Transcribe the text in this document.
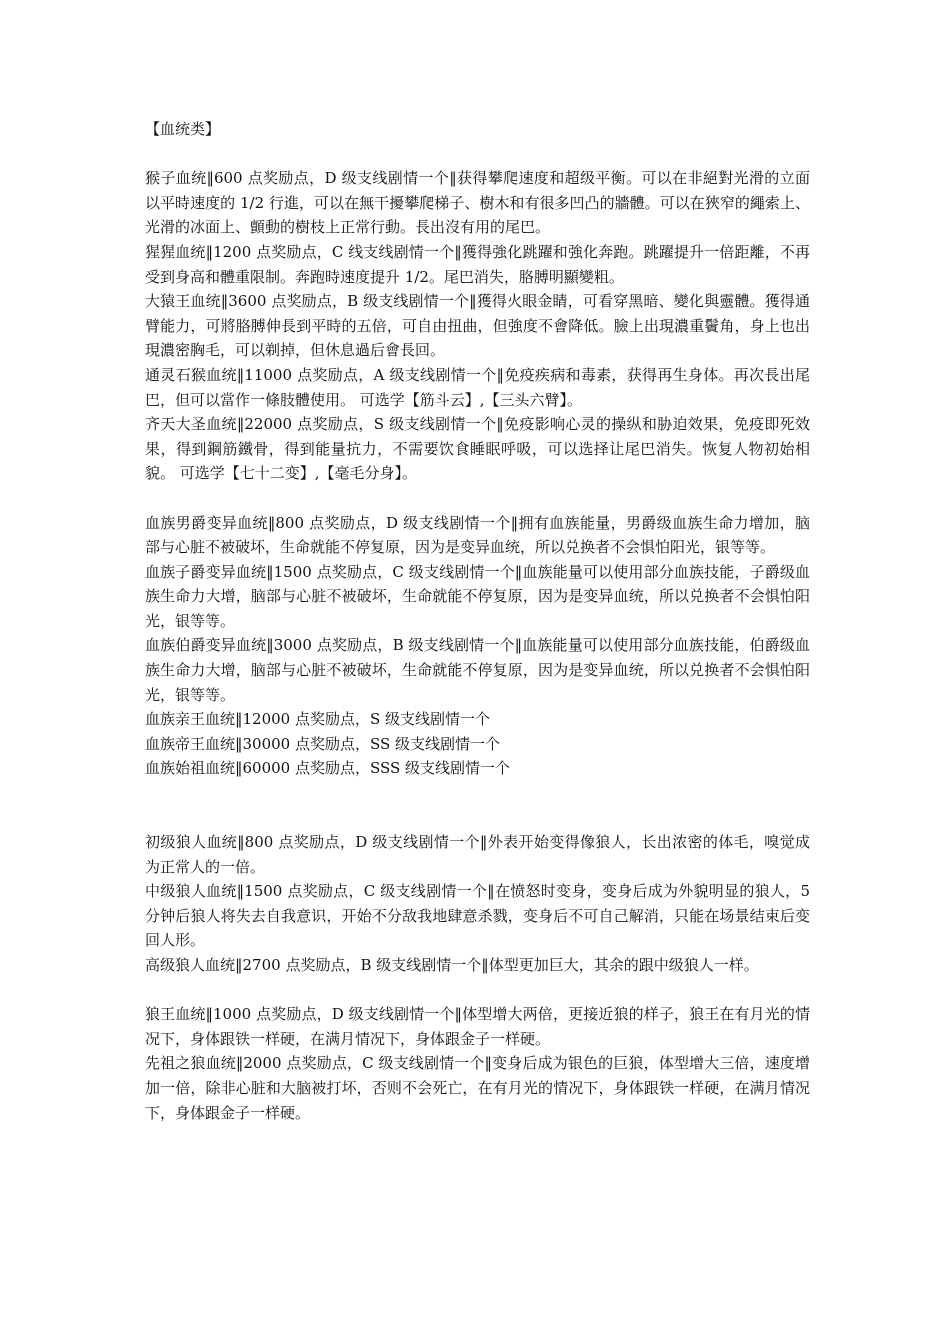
【血统类】

猴子血统‖600 点奖励点，D 级支线剧情一个‖获得攀爬速度和超级平衡。可以在非絕對光滑的立面以平時速度的 1/2 行進，可以在無干擾攀爬梯子、樹木和有很多凹凸的牆體。可以在狹窄的繩索上、光滑的冰面上、顫動的樹枝上正常行動。長出沒有用的尾巴。

猩猩血统‖1200 点奖励点，C 线支线剧情一个‖獲得強化跳躍和強化奔跑。跳躍提升一倍距離，不再受到身高和體重限制。奔跑時速度提升 1/2。尾巴消失，胳膊明顯變粗。

大猿王血统‖3600 点奖励点，B 级支线剧情一个‖獲得火眼金睛，可看穿黑暗、變化與靈體。獲得通臂能力，可將胳膊伸長到平時的五倍，可自由扭曲，但強度不會降低。臉上出現濃重鬢角，身上也出現濃密胸毛，可以剃掉，但休息過后會長回。

通灵石猴血统‖11000 点奖励点，A 级支线剧情一个‖免疫疾病和毒素，获得再生身体。再次長出尾巴，但可以當作一條肢體使用。 可选学【筋斗云】,【三头六臂】。

齐天大圣血统‖22000 点奖励点，S 级支线剧情一个‖免疫影响心灵的操纵和胁迫效果，免疫即死效果，得到鋼筋鐵骨，得到能量抗力，不需要饮食睡眠呼吸，可以选择让尾巴消失。恢复人物初始相貌。 可选学【七十二变】,【毫毛分身】。

血族男爵变异血统‖800 点奖励点，D 级支线剧情一个‖拥有血族能量，男爵级血族生命力增加，脑部与心脏不被破坏，生命就能不停复原，因为是变异血统，所以兑换者不会惧怕阳光，银等等。

血族子爵变异血统‖1500 点奖励点，C 级支线剧情一个‖血族能量可以使用部分血族技能，子爵级血族生命力大增，脑部与心脏不被破坏，生命就能不停复原，因为是变异血统，所以兑换者不会惧怕阳光，银等等。

血族伯爵变异血统‖3000 点奖励点，B 级支线剧情一个‖血族能量可以使用部分血族技能，伯爵级血族生命力大增，脑部与心脏不被破坏，生命就能不停复原，因为是变异血统，所以兑换者不会惧怕阳光，银等等。

血族亲王血统‖12000 点奖励点，S 级支线剧情一个

血族帝王血统‖30000 点奖励点，SS 级支线剧情一个

血族始祖血统‖60000 点奖励点，SSS 级支线剧情一个

初级狼人血统‖800 点奖励点，D 级支线剧情一个‖外表开始变得像狼人，长出浓密的体毛，嗅觉成为正常人的一倍。

中级狼人血统‖1500 点奖励点，C 级支线剧情一个‖在愤怒时变身，变身后成为外貌明显的狼人，5 分钟后狼人将失去自我意识，开始不分敌我地肆意杀戮，变身后不可自己解消，只能在场景结束后变回人形。

高级狼人血统‖2700 点奖励点，B 级支线剧情一个‖体型更加巨大，其余的跟中级狼人一样。

狼王血统‖1000 点奖励点，D 级支线剧情一个‖体型增大两倍，更接近狼的样子，狼王在有月光的情况下，身体跟铁一样硬，在满月情况下，身体跟金子一样硬。

先祖之狼血统‖2000 点奖励点，C 级支线剧情一个‖变身后成为银色的巨狼，体型增大三倍，速度增加一倍，除非心脏和大脑被打坏，否则不会死亡，在有月光的情况下，身体跟铁一样硬，在满月情况下，身体跟金子一样硬。
